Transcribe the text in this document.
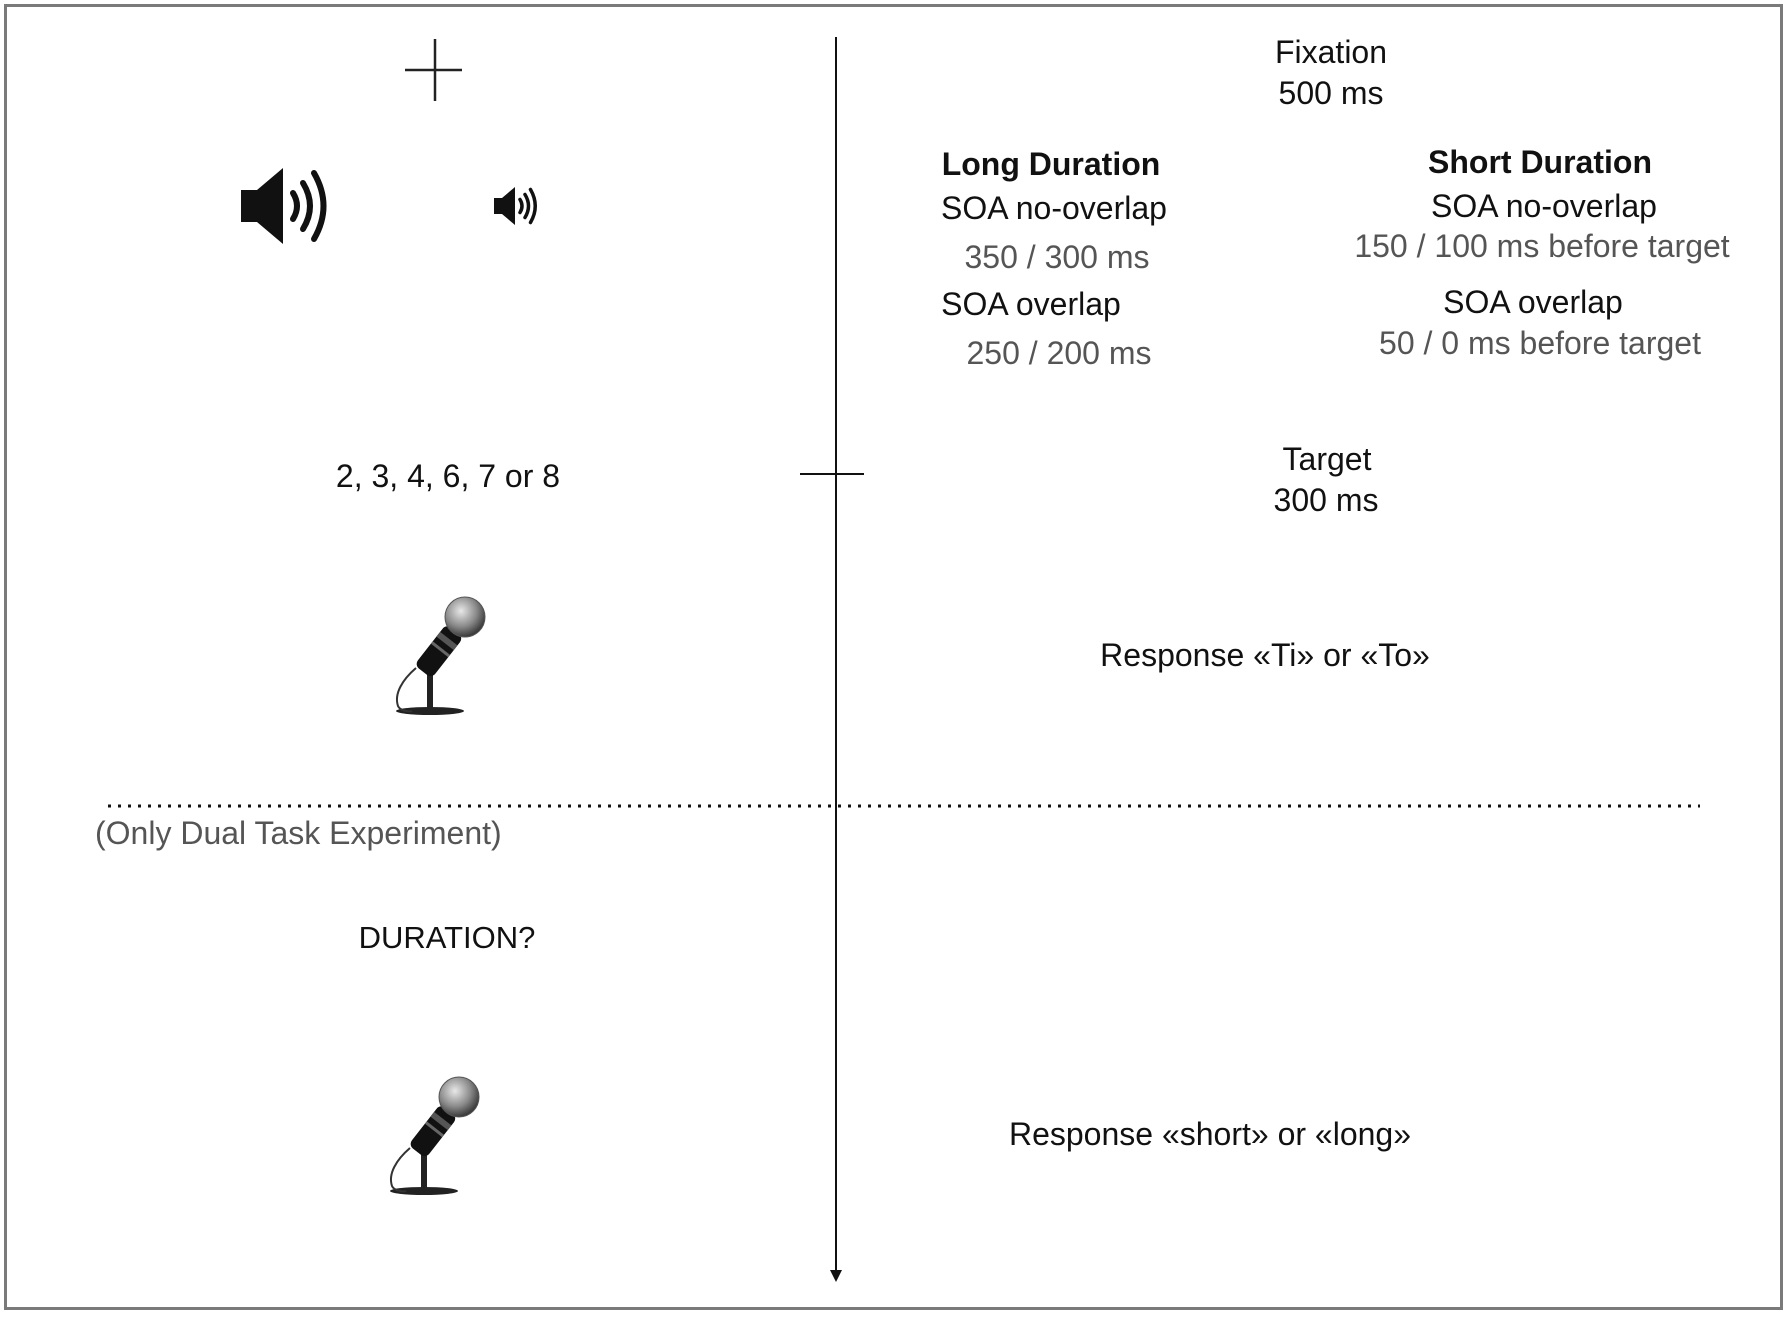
Fixation
500 ms
Long Duration
SOA no-overlap
350 / 300 ms
SOA overlap
250 / 200 ms
Short Duration
SOA no-overlap
150 / 100 ms before target
SOA overlap
50 / 0 ms before target
2, 3, 4, 6, 7 or 8	Target
300 ms
Response «Ti» or «To»
(Only Dual Task Experiment)
DURATION?
Response «short» or «long»
